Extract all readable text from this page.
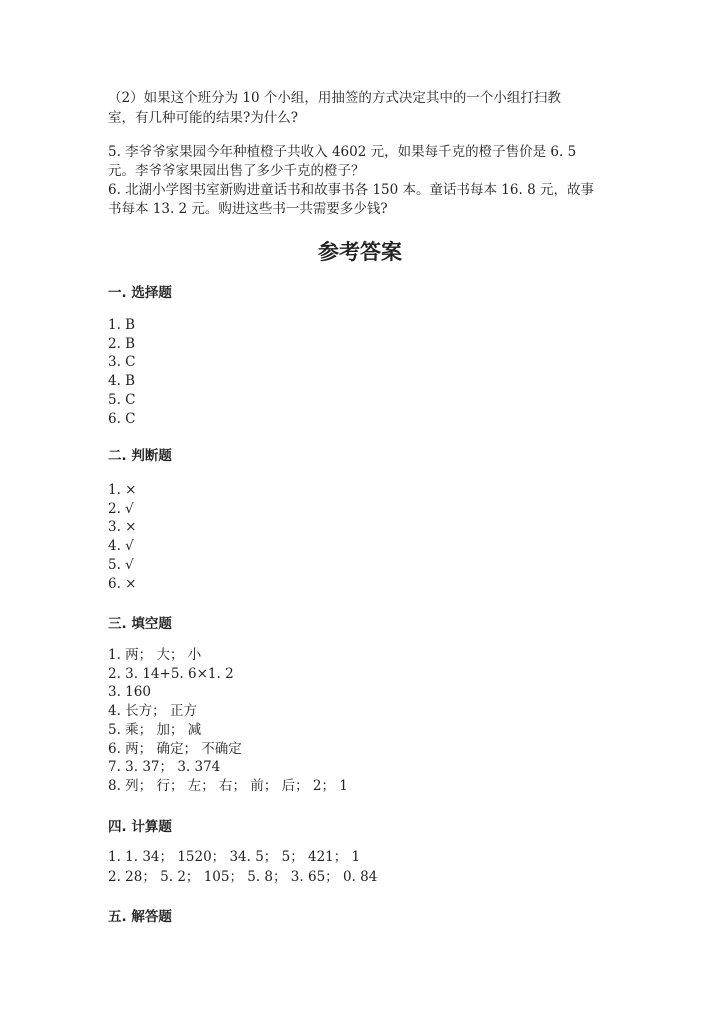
（2）如果这个班分为 10 个小组，用抽签的方式决定其中的一个小组打扫教
室，有几种可能的结果?为什么?
5. 李爷爷家果园今年种植橙子共收入 4602 元，如果每千克的橙子售价是 6. 5
元。李爷爷家果园出售了多少千克的橙子？
6. 北湖小学图书室新购进童话书和故事书各 150 本。童话书每本 16. 8 元，故事
书每本 13. 2 元。购进这些书一共需要多少钱?
参考答案
一. 选择题
1. B
2. B
3. C
4. B
5. C
6. C
二. 判断题
1. ×
2. √
3. ×
4. √
5. √
6. ×
三. 填空题
1. 两； 大； 小
2. 3. 14+5. 6×1. 2
3. 160
4. 长方； 正方
5. 乘； 加； 减
6. 两； 确定； 不确定
7. 3. 37； 3. 374
8. 列； 行； 左； 右； 前； 后； 2； 1
四. 计算题
1. 1. 34； 1520； 34. 5； 5； 421； 1
2. 28； 5. 2； 105； 5. 8； 3. 65； 0. 84
五. 解答题
